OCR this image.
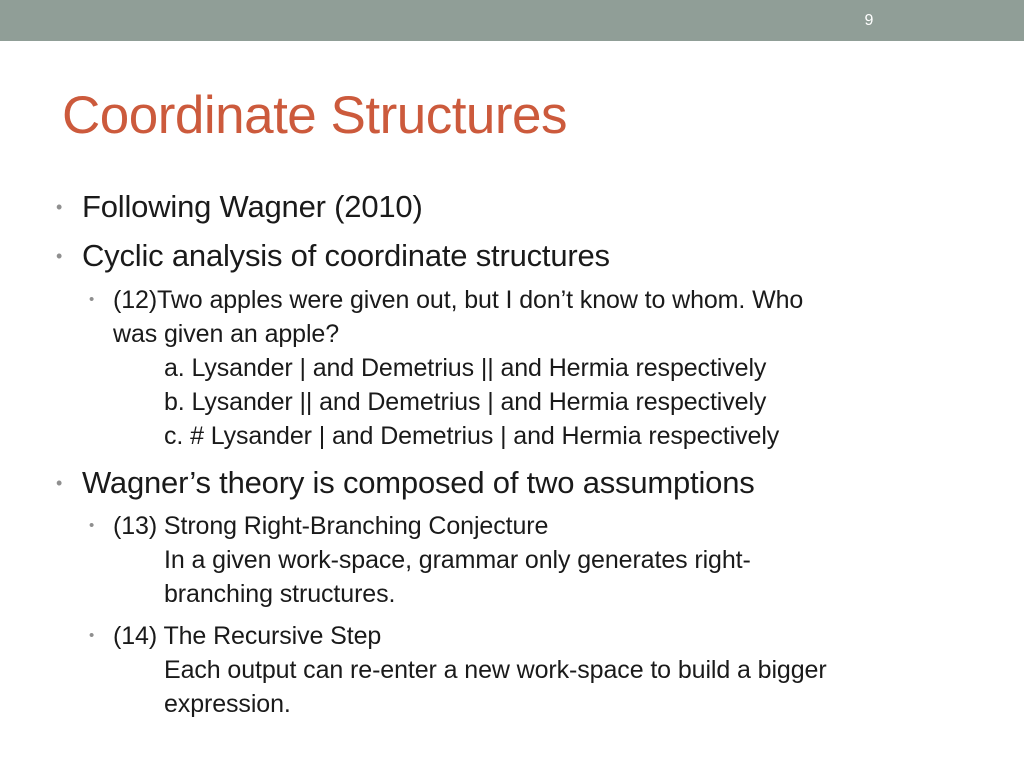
9
Coordinate Structures
• Following Wagner (2010)
• Cyclic analysis of coordinate structures
• (12)Two apples were given out, but I don’t know to whom. Who
was given an apple?
a. Lysander | and Demetrius || and Hermia respectively
b. Lysander || and Demetrius | and Hermia respectively
c. # Lysander | and Demetrius | and Hermia respectively
• Wagner’s theory is composed of two assumptions
• (13) Strong Right-Branching Conjecture
In a given work-space, grammar only generates right-
branching structures.
• (14) The Recursive Step
Each output can re-enter a new work-space to build a bigger
expression.
